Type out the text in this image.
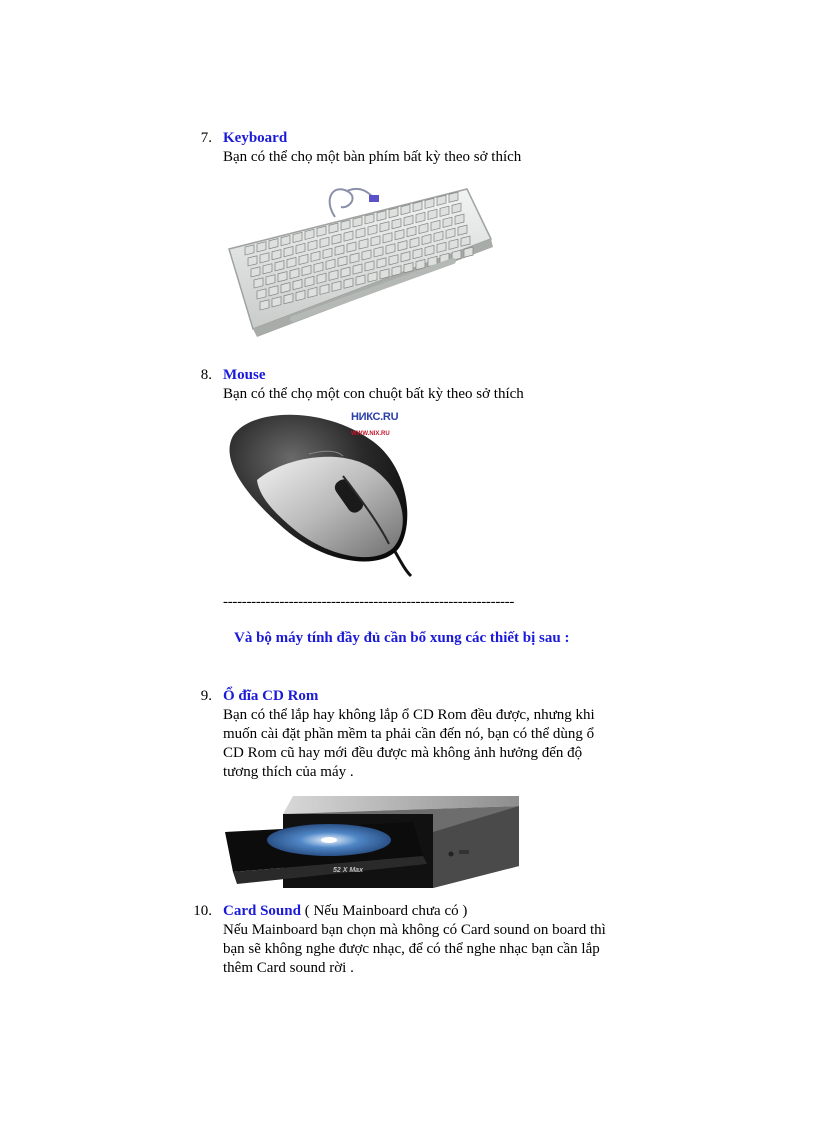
7. Keyboard
Bạn có thể chọ một bàn phím bất kỳ theo sở thích
8. Mouse
Bạn có thể chọ một con chuột bất kỳ theo sở thích
НИКС.RU
WWW.NIX.RU
--------------------------------------------------------------
Và bộ máy tính đầy đủ cần bổ xung các thiết bị sau :
9. Ổ đĩa CD Rom
Bạn có thể lắp hay không lắp ổ CD Rom đều được, nhưng khi
muốn cài đặt phần mềm ta phải cần đến nó, bạn có thể dùng ổ
CD Rom cũ hay mới đều được mà không ảnh hưởng đến độ
tương thích của máy .
52 X Max
10. Card Sound ( Nếu Mainboard chưa có )
Nếu Mainboard bạn chọn mà không có Card sound on board thì
bạn sẽ không nghe được nhạc, để có thể nghe nhạc bạn cần lắp
thêm Card sound rời .
